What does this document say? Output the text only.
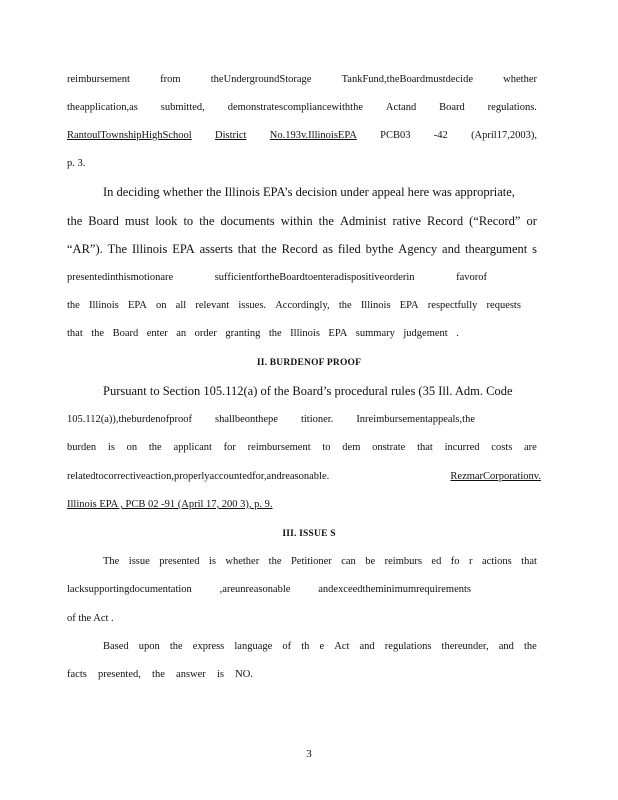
reimbursement	from	theUndergroundStorage	TankFund,theBoardmustdecide	whether
theapplication,as submitted, demonstratescompliancewiththe Actand Board regulations.
RantoulTownshipHighSchool District No.193v.IllinoisEPA PCB03 -42 (April17,2003),
p. 3.
In deciding whether the Illinois EPA’s decision under appeal here was appropriate,
the Board must look to the documents within the Administ rative Record (“Record” or
“AR”). The Illinois EPA asserts that the Record as filed bythe Agency and theargument s
presentedinthismotionare	sufficientfortheBoardtoenteradispositiveorderin	favorof
the Illinois EPA on all relevant issues. Accordingly, the Illinois EPA respectfully requests
that the Board enter an order granting the Illinois EPA summary judgement .
II. BURDENOF PROOF
Pursuant to Section 105.112(a) of the Board’s procedural rules (35 Ill. Adm. Code
105.112(a)),theburdenofproof shallbeonthepe titioner. Inreimbursementappeals,the
burden is on the applicant for reimbursement to dem onstrate that incurred costs are
relatedtocorrectiveaction,properlyaccountedfor,andreasonable.	RezmarCorporationv.
Illinois EPA , PCB 02 -91 (April 17, 200 3), p. 9.
III. ISSUE S
The issue presented is whether the Petitioner can be reimburs ed fo r actions that
lacksupportingdocumentation	,areunreasonable	andexceedtheminimumrequirements
of the Act .
Based upon the express language of th e Act and regulations thereunder, and the
facts presented, the answer is NO.
3
